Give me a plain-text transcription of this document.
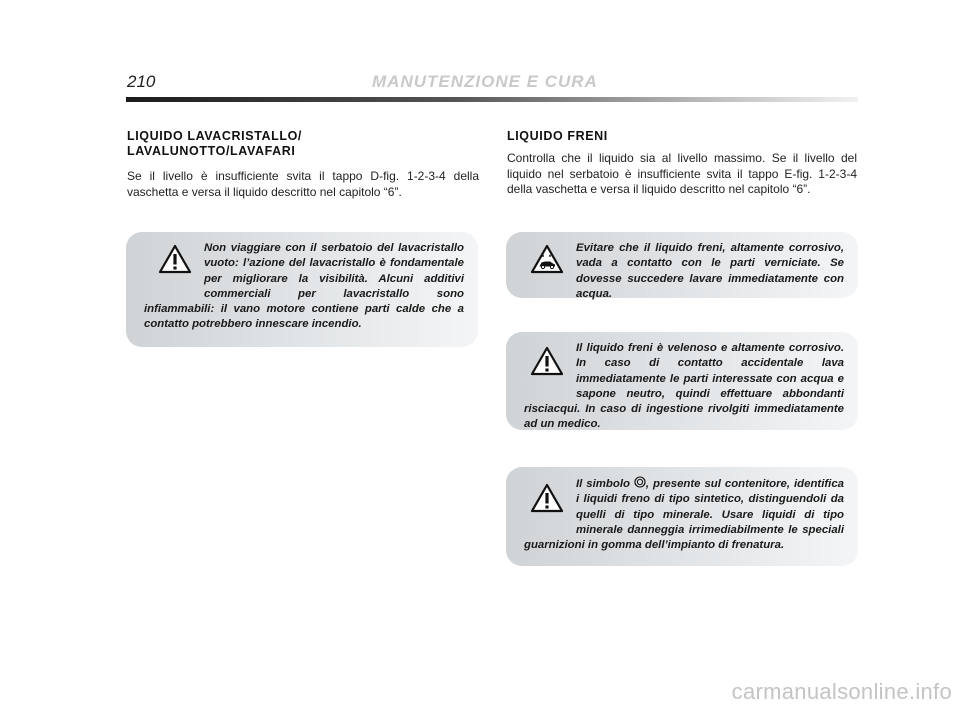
210	MANUTENZIONE E CURA
LIQUIDO LAVACRISTALLO/
LAVALUNOTTO/LAVAFARI

Se il livello è insufficiente svita il tappo D-fig. 1-2-3-4 della vaschetta e versa il liquido descritto nel capitolo “6”.

Non viaggiare con il serbatoio del lavacristallo vuoto: l’azione del lavacristallo è fondamentale per migliorare la visibilità. Alcuni additivi commerciali per lavacristallo sono infiammabili: il vano motore contiene parti calde che a contatto potrebbero innescare incendio.

LIQUIDO FRENI

Controlla che il liquido sia al livello massimo. Se il livello del liquido nel serbatoio è insufficiente svita il tappo E-fig. 1-2-3-4 della vaschetta e versa il liquido descritto nel capitolo “6”.

Evitare che il liquido freni, altamente corrosivo, vada a contatto con le parti verniciate. Se dovesse succedere lavare immediatamente con acqua.

Il liquido freni è velenoso e altamente corrosivo. In caso di contatto accidentale lava immediatamente le parti interessate con acqua e sapone neutro, quindi effettuare abbondanti risciacqui. In caso di ingestione rivolgiti immediatamente ad un medico.

Il simbolo , presente sul contenitore, identifica i liquidi freno di tipo sintetico, distinguendoli da quelli di tipo minerale. Usare liquidi di tipo minerale danneggia irrimediabilmente le speciali guarnizioni in gomma dell’impianto di frenatura.

carmanualsonline.info
